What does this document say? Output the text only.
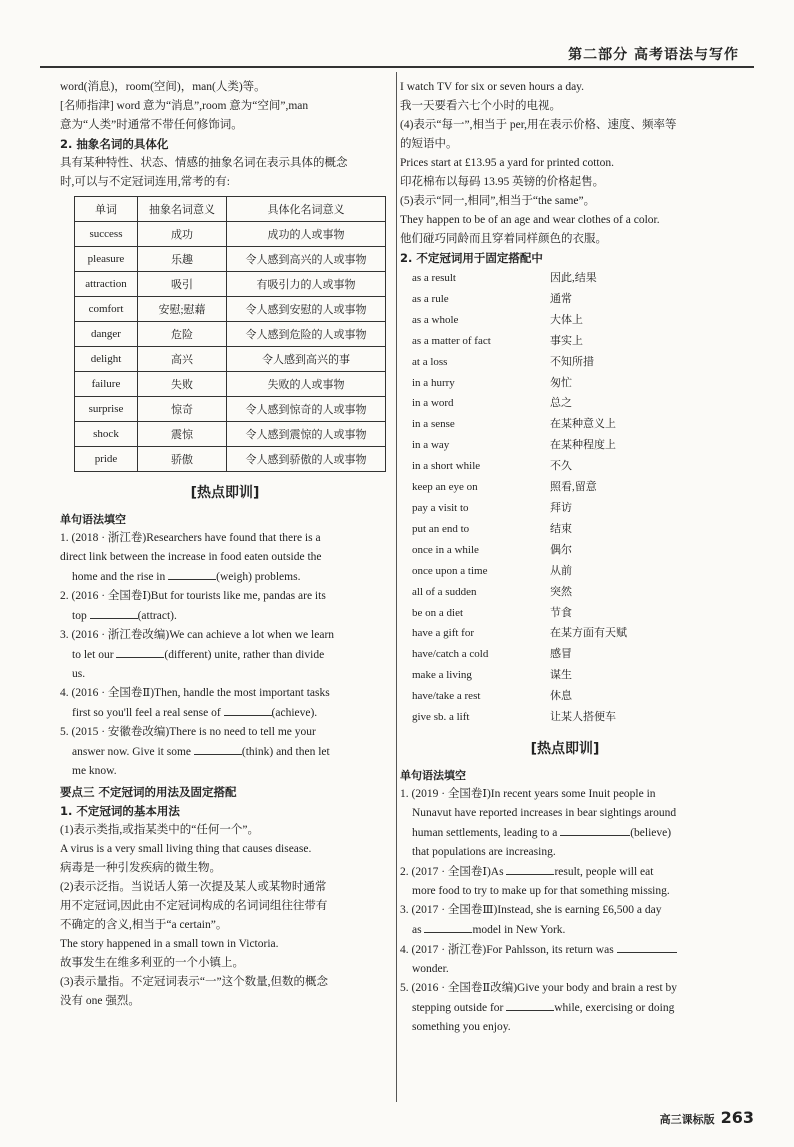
第二部分 高考语法与写作
word(消息)，room(空间)，man(人类)等。
[名师指津] word 意为“消息”,room 意为“空间”,man
意为“人类”时通常不带任何修饰词。
2. 抽象名词的具体化
具有某种特性、状态、情感的抽象名词在表示具体的概念
时,可以与不定冠词连用,常考的有:
单词	抽象名词意义	具体化名词意义
success	成功	成功的人或事物
pleasure	乐趣	令人感到高兴的人或事物
attraction	吸引	有吸引力的人或事物
comfort	安慰;慰藉	令人感到安慰的人或事物
danger	危险	令人感到危险的人或事物
delight	高兴	令人感到高兴的事
failure	失败	失败的人或事物
surprise	惊奇	令人感到惊奇的人或事物
shock	震惊	令人感到震惊的人或事物
pride	骄傲	令人感到骄傲的人或事物
[热点即训]
单句语法填空
1. (2018 · 浙江卷)Researchers have found that there is a
direct link between the increase in food eaten outside the
home and the rise in	(weigh) problems.
2. (2016 · 全国卷Ⅰ)But for tourists like me, pandas are its
top	(attract).
3. (2016 · 浙江卷改编)We can achieve a lot when we learn
to let our	(different) unite, rather than divide
us.
4. (2016 · 全国卷Ⅱ)Then, handle the most important tasks
first so you'll feel a real sense of	(achieve).
5. (2015 · 安徽卷改编)There is no need to tell me your
answer now. Give it some	(think) and then let
me know.
要点三 不定冠词的用法及固定搭配
1. 不定冠词的基本用法
(1)表示类指,或指某类中的“任何一个”。
A virus is a very small living thing that causes disease.
病毒是一种引发疾病的微生物。
(2)表示泛指。当说话人第一次提及某人或某物时通常
用不定冠词,因此由不定冠词构成的名词词组往往带有
不确定的含义,相当于“a certain”。
The story happened in a small town in Victoria.
故事发生在维多利亚的一个小镇上。
(3)表示量指。不定冠词表示“一”这个数量,但数的概念
没有 one 强烈。
I watch TV for six or seven hours a day.
我一天要看六七个小时的电视。
(4)表示“每一”,相当于 per,用在表示价格、速度、频率等
的短语中。
Prices start at £13.95 a yard for printed cotton.
印花棉布以每码 13.95 英镑的价格起售。
(5)表示“同一,相同”,相当于“the same”。
They happen to be of an age and wear clothes of a color.
他们碰巧同龄而且穿着同样颜色的衣服。
2. 不定冠词用于固定搭配中
as a result	因此,结果
as a rule	通常
as a whole	大体上
as a matter of fact	事实上
at a loss	不知所措
in a hurry	匆忙
in a word	总之
in a sense	在某种意义上
in a way	在某种程度上
in a short while	不久
keep an eye on	照看,留意
pay a visit to	拜访
put an end to	结束
once in a while	偶尔
once upon a time	从前
all of a sudden	突然
be on a diet	节食
have a gift for	在某方面有天赋
have/catch a cold	感冒
make a living	谋生
have/take a rest	休息
give sb. a lift	让某人搭便车
[热点即训]
单句语法填空
1. (2019 · 全国卷Ⅰ)In recent years some Inuit people in
Nunavut have reported increases in bear sightings around
human settlements, leading to a	(believe)
that populations are increasing.
2. (2017 · 全国卷Ⅰ)As	result, people will eat
more food to try to make up for that something missing.
3. (2017 · 全国卷Ⅲ)Instead, she is earning £6,500 a day
as	model in New York.
4. (2017 · 浙江卷)For Pahlsson, its return was
wonder.
5. (2016 · 全国卷Ⅱ改编)Give your body and brain a rest by
stepping outside for	while, exercising or doing
something you enjoy.
高三课标版 263
